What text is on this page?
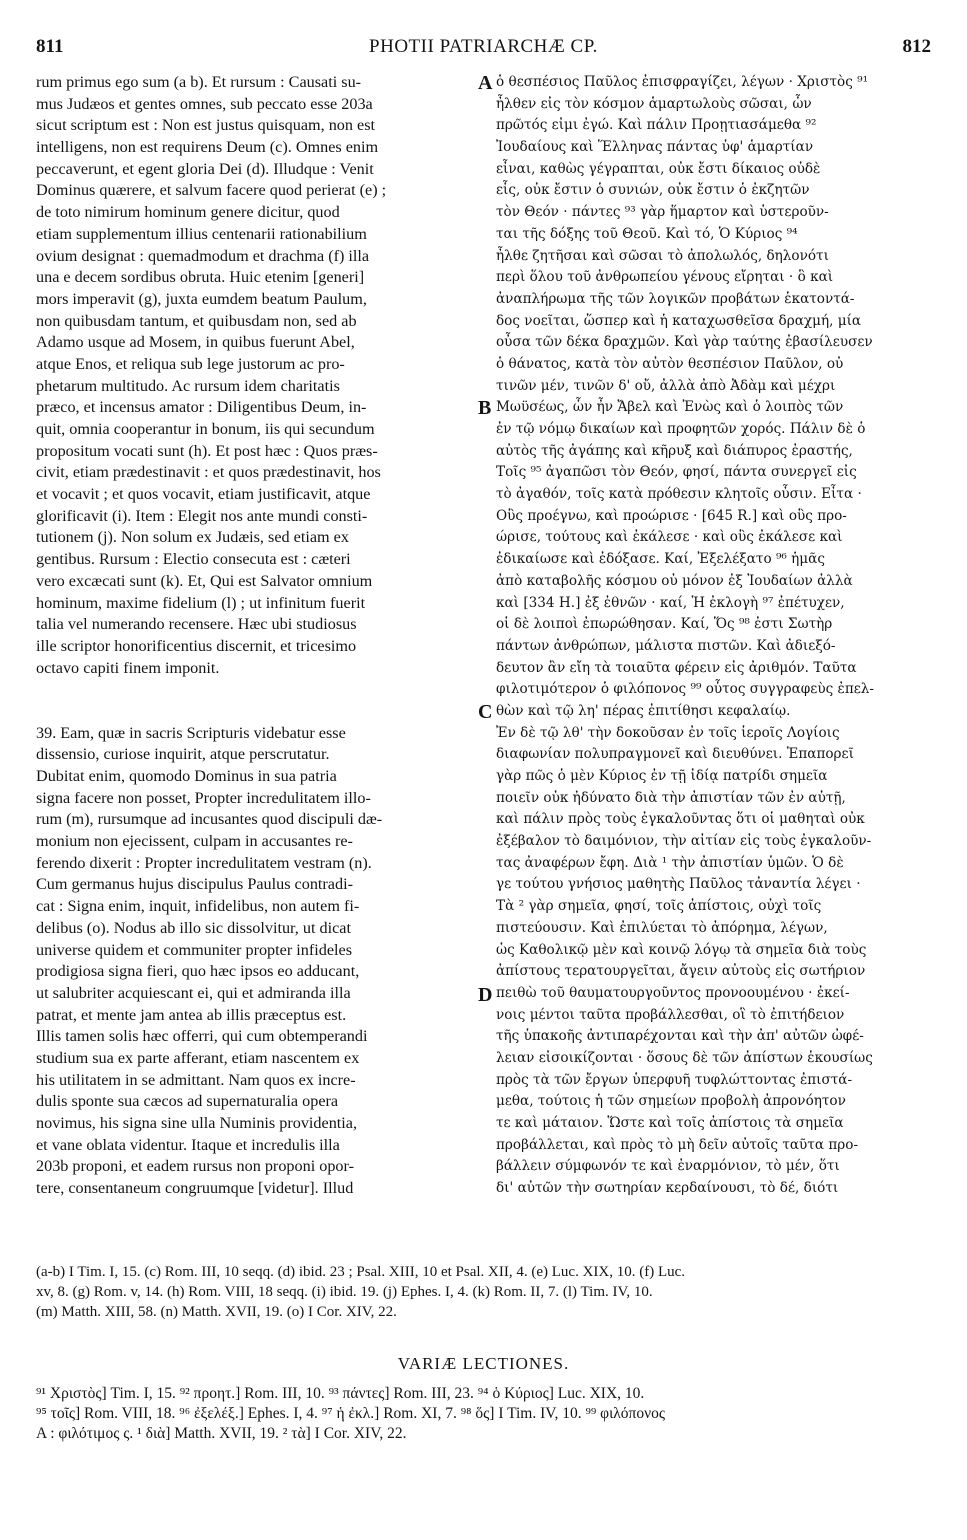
811	PHOTII PATRIARCHÆ CP.	812
rum primus ego sum (a b). Et rursum : Causati su-
mus Judæos et gentes omnes, sub peccato esse 203a
sicut scriptum est : Non est justus quisquam, non est
intelligens, non est requirens Deum (c). Omnes enim
peccaverunt, et egent gloria Dei (d). Illudque : Venit
Dominus quærere, et salvum facere quod perierat (e) ;
de toto nimirum hominum genere dicitur, quod
etiam supplementum illius centenarii rationabilium
ovium designat : quemadmodum et drachma (f) illa
una e decem sordibus obruta. Huic etenim [generi]
mors imperavit (g), juxta eumdem beatum Paulum,
non quibusdam tantum, et quibusdam non, sed ab
Adamo usque ad Mosem, in quibus fuerunt Abel,
atque Enos, et reliqua sub lege justorum ac pro-
phetarum multitudo. Ac rursum idem charitatis
præco, et incensus amator : Diligentibus Deum, in-
quit, omnia cooperantur in bonum, iis qui secundum
propositum vocati sunt (h). Et post hæc : Quos præs-
civit, etiam prædestinavit : et quos prædestinavit, hos
et vocavit ; et quos vocavit, etiam justificavit, atque
glorificavit (i). Item : Elegit nos ante mundi consti-
tutionem (j). Non solum ex Judæis, sed etiam ex
gentibus. Rursum : Electio consecuta est : cæteri
vero excæcati sunt (k). Et, Qui est Salvator omnium
hominum, maxime fidelium (l) ; ut infinitum fuerit
talia vel numerando recensere. Hæc ubi studiosus
ille scriptor honorificentius discernit, et tricesimo
octavo capiti finem imponit.
39. Eam, quæ in sacris Scripturis videbatur esse
dissensio, curiose inquirit, atque perscrutatur.
Dubitat enim, quomodo Dominus in sua patria
signa facere non posset, Propter incredulitatem illo-
rum (m), rursumque ad incusantes quod discipuli dæ-
monium non ejecissent, culpam in accusantes re-
ferendo dixerit : Propter incredulitatem vestram (n).
Cum germanus hujus discipulus Paulus contradi-
cat : Signa enim, inquit, infidelibus, non autem fi-
delibus (o). Nodus ab illo sic dissolvitur, ut dicat
universe quidem et communiter propter infideles
prodigiosa signa fieri, quo hæc ipsos eo adducant,
ut salubriter acquiescant ei, qui et admiranda illa
patrat, et mente jam antea ab illis præceptus est.
Illis tamen solis hæc offerri, qui cum obtemperandi
studium sua ex parte afferant, etiam nascentem ex
his utilitatem in se admittant. Nam quos ex incre-
dulis sponte sua cæcos ad supernaturalia opera
novimus, his signa sine ulla Numinis providentia,
et vane oblata videntur. Itaque et incredulis illa
203b proponi, et eadem rursus non proponi opor-
tere, consentaneum congruumque [videtur]. Illud
ὁ θεσπέσιος Παῦλος ἐπισφραγίζει, λέγων · Χριστὸς ⁹¹
ἦλθεν εἰς τὸν κόσμον ἁμαρτωλοὺς σῶσαι, ὧν
πρῶτός εἰμι ἐγώ. Καὶ πάλιν Προῃτιασάμεθα ⁹²
Ἰουδαίους καὶ Ἕλληνας πάντας ὑφ' ἁμαρτίαν
εἶναι, καθὼς γέγραπται, οὐκ ἔστι δίκαιος οὐδὲ
εἷς, οὐκ ἔστιν ὁ συνιών, οὐκ ἔστιν ὁ ἐκζητῶν
τὸν Θεόν · πάντες ⁹³ γὰρ ἥμαρτον καὶ ὑστεροῦν-
ται τῆς δόξης τοῦ Θεοῦ. Καὶ τό, Ὁ Κύριος ⁹⁴
ἦλθε ζητῆσαι καὶ σῶσαι τὸ ἀπολωλός, δηλονότι
περὶ ὅλου τοῦ ἀνθρωπείου γένους εἴρηται · ὃ καὶ
ἀναπλήρωμα τῆς τῶν λογικῶν προβάτων ἑκατοντά-
δος νοεῖται, ὥσπερ καὶ ἡ καταχωσθεῖσα δραχμή, μία
οὖσα τῶν δέκα δραχμῶν. Καὶ γὰρ ταύτης ἐβασίλευσεν
ὁ θάνατος, κατὰ τὸν αὐτὸν θεσπέσιον Παῦλον, οὐ
τινῶν μέν, τινῶν δ' οὔ, ἀλλὰ ἀπὸ Ἀδὰμ καὶ μέχρι
Μωϋσέως, ὧν ἦν Ἄβελ καὶ Ἐνὼς καὶ ὁ λοιπὸς τῶν
ἐν τῷ νόμῳ δικαίων καὶ προφητῶν χορός. Πάλιν δὲ ὁ
αὐτὸς τῆς ἀγάπης καὶ κῆρυξ καὶ διάπυρος ἐραστής,
Τοῖς ⁹⁵ ἀγαπῶσι τὸν Θεόν, φησί, πάντα συνεργεῖ εἰς
τὸ ἀγαθόν, τοῖς κατὰ πρόθεσιν κλητοῖς οὖσιν. Εἶτα ·
Οὓς προέγνω, καὶ προώρισε · [645 R.] καὶ οὓς προ-
ώρισε, τούτους καὶ ἐκάλεσε · καὶ οὓς ἐκάλεσε καὶ
ἐδικαίωσε καὶ ἐδόξασε. Καί, Ἐξελέξατο ⁹⁶ ἡμᾶς
ἀπὸ καταβολῆς κόσμου οὐ μόνον ἐξ Ἰουδαίων ἀλλὰ
καὶ [334 H.] ἐξ ἐθνῶν · καί, Ἡ ἐκλογὴ ⁹⁷ ἐπέτυχεν,
οἱ δὲ λοιποὶ ἐπωρώθησαν. Καί, Ὅς ⁹⁸ ἐστι Σωτὴρ
πάντων ἀνθρώπων, μάλιστα πιστῶν. Καὶ ἀδιεξό-
δευτον ἂν εἴη τὰ τοιαῦτα φέρειν εἰς ἀριθμόν. Ταῦτα
φιλοτιμότερον ὁ φιλόπονος ⁹⁹ οὗτος συγγραφεὺς ἐπελ-
θὼν καὶ τῷ λη' πέρας ἐπιτίθησι κεφαλαίῳ.
Ἐν δὲ τῷ λθ' τὴν δοκοῦσαν ἐν τοῖς ἱεροῖς Λογίοις
διαφωνίαν πολυπραγμονεῖ καὶ διευθύνει. Ἐπαπορεῖ
γὰρ πῶς ὁ μὲν Κύριος ἐν τῇ ἰδίᾳ πατρίδι σημεῖα
ποιεῖν οὐκ ἠδύνατο διὰ τὴν ἀπιστίαν τῶν ἐν αὐτῇ,
καὶ πάλιν πρὸς τοὺς ἐγκαλοῦντας ὅτι οἱ μαθηταὶ οὐκ
ἐξέβαλον τὸ δαιμόνιον, τὴν αἰτίαν εἰς τοὺς ἐγκαλοῦν-
τας ἀναφέρων ἔφη. Διὰ ¹ τὴν ἀπιστίαν ὑμῶν. Ὁ δὲ
γε τούτου γνήσιος μαθητὴς Παῦλος τἀναντία λέγει ·
Τὰ ² γὰρ σημεῖα, φησί, τοῖς ἀπίστοις, οὐχὶ τοῖς
πιστεύουσιν. Καὶ ἐπιλύεται τὸ ἀπόρημα, λέγων,
ὡς Καθολικῷ μὲν καὶ κοινῷ λόγῳ τὰ σημεῖα διὰ τοὺς
ἀπίστους τερατουργεῖται, ἄγειν αὐτοὺς εἰς σωτήριον
πειθὼ τοῦ θαυματουργοῦντος προνοουμένου · ἐκεί-
νοις μέντοι ταῦτα προβάλλεσθαι, οἳ τὸ ἐπιτήδειον
τῆς ὑπακοῆς ἀντιπαρέχονται καὶ τὴν ἀπ' αὐτῶν ὠφέ-
λειαν εἰσοικίζονται · ὅσους δὲ τῶν ἀπίστων ἑκουσίως
πρὸς τὰ τῶν ἔργων ὑπερφυῆ τυφλώττοντας ἐπιστά-
μεθα, τούτοις ἡ τῶν σημείων προβολὴ ἀπρονόητον
τε καὶ μάταιον. Ὥστε καὶ τοῖς ἀπίστοις τὰ σημεῖα
προβάλλεται, καὶ πρὸς τὸ μὴ δεῖν αὐτοῖς ταῦτα προ-
βάλλειν σύμφωνόν τε καὶ ἐναρμόνιον, τὸ μέν, ὅτι
δι' αὐτῶν τὴν σωτηρίαν κερδαίνουσι, τὸ δέ, διότι
A
B
C
D
(a-b) I Tim. I, 15. (c) Rom. III, 10 seqq. (d) ibid. 23 ; Psal. XIII, 10 et Psal. XII, 4. (e) Luc. XIX, 10. (f) Luc.
xv, 8. (g) Rom. v, 14. (h) Rom. VIII, 18 seqq. (i) ibid. 19. (j) Ephes. I, 4. (k) Rom. II, 7. (l) Tim. IV, 10.
(m) Matth. XIII, 58. (n) Matth. XVII, 19. (o) I Cor. XIV, 22.
VARIÆ LECTIONES.
⁹¹ Χριστὸς] Tim. I, 15. ⁹² προητ.] Rom. III, 10. ⁹³ πάντες] Rom. III, 23. ⁹⁴ ὁ Κύριος] Luc. XIX, 10.
⁹⁵ τοῖς] Rom. VIII, 18. ⁹⁶ ἐξελέξ.] Ephes. I, 4. ⁹⁷ ἡ ἐκλ.] Rom. XI, 7. ⁹⁸ ὅς] I Tim. IV, 10. ⁹⁹ φιλόπονος
A : φιλότιμος ς. ¹ διὰ] Matth. XVII, 19. ² τὰ] I Cor. XIV, 22.
